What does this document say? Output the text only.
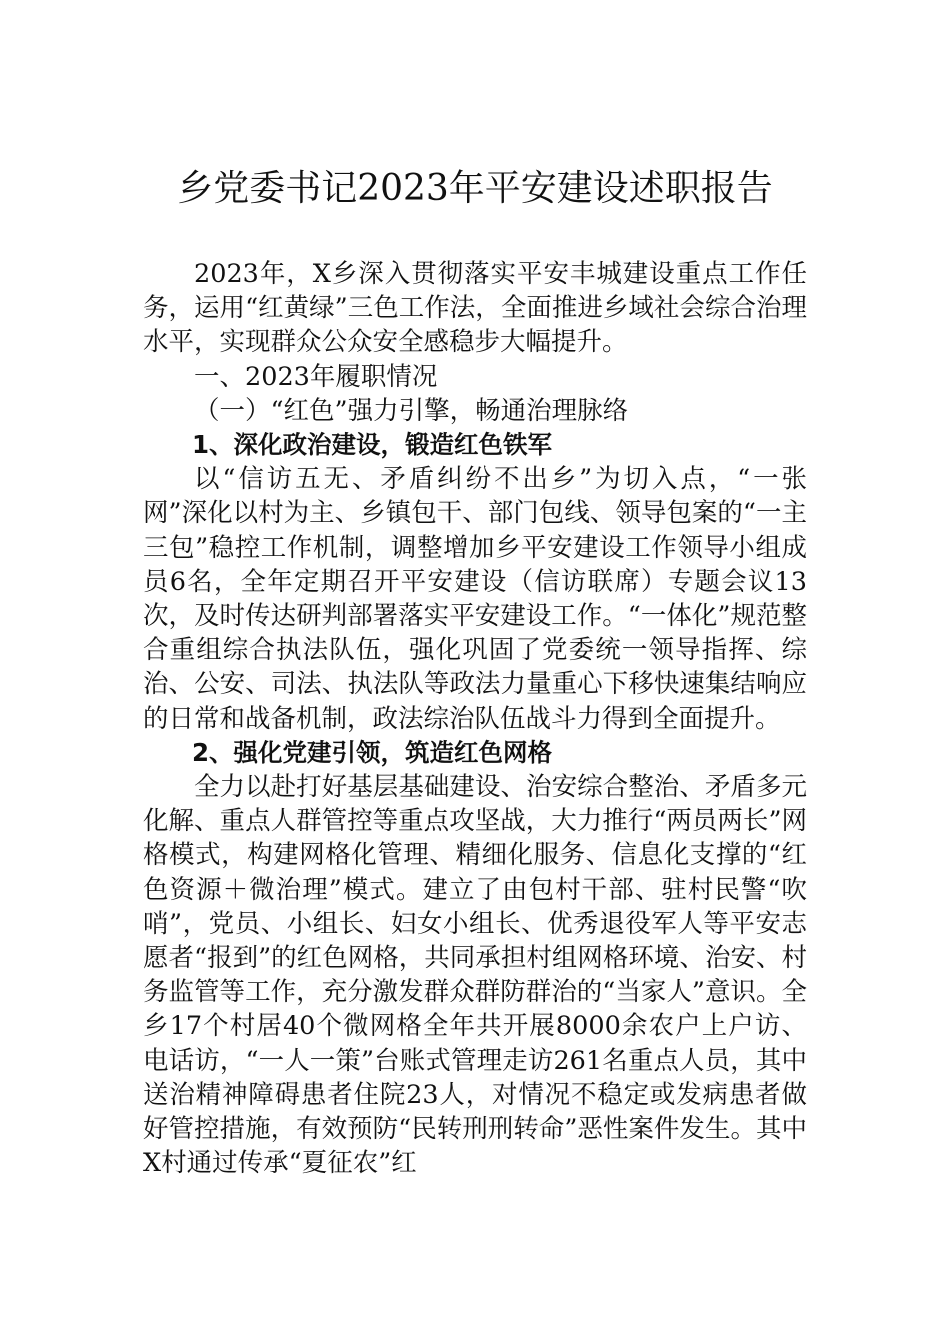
乡党委书记2023年平安建设述职报告

2023年，X乡深入贯彻落实平安丰城建设重点工作任务，运用“红黄绿”三色工作法，全面推进乡域社会综合治理水平，实现群众公众安全感稳步大幅提升。

一、2023年履职情况

（一）“红色”强力引擎，畅通治理脉络

1、深化政治建设，锻造红色铁军

以“信访五无、矛盾纠纷不出乡”为切入点，“一张网”深化以村为主、乡镇包干、部门包线、领导包案的“一主三包”稳控工作机制，调整增加乡平安建设工作领导小组成员6名，全年定期召开平安建设（信访联席）专题会议13次，及时传达研判部署落实平安建设工作。“一体化”规范整合重组综合执法队伍，强化巩固了党委统一领导指挥、综治、公安、司法、执法队等政法力量重心下移快速集结响应的日常和战备机制，政法综治队伍战斗力得到全面提升。

2、强化党建引领，筑造红色网格

全力以赴打好基层基础建设、治安综合整治、矛盾多元化解、重点人群管控等重点攻坚战，大力推行“两员两长”网格模式，构建网格化管理、精细化服务、信息化支撑的“红色资源＋微治理”模式。建立了由包村干部、驻村民警“吹哨”，党员、小组长、妇女小组长、优秀退役军人等平安志愿者“报到”的红色网格，共同承担村组网格环境、治安、村务监管等工作，充分激发群众群防群治的“当家人”意识。全乡17个村居40个微网格全年共开展8000余农户上户访、电话访，“一人一策”台账式管理走访261名重点人员，其中送治精神障碍患者住院23人，对情况不稳定或发病患者做好管控措施，有效预防“民转刑刑转命”恶性案件发生。其中X村通过传承“夏征农”红
